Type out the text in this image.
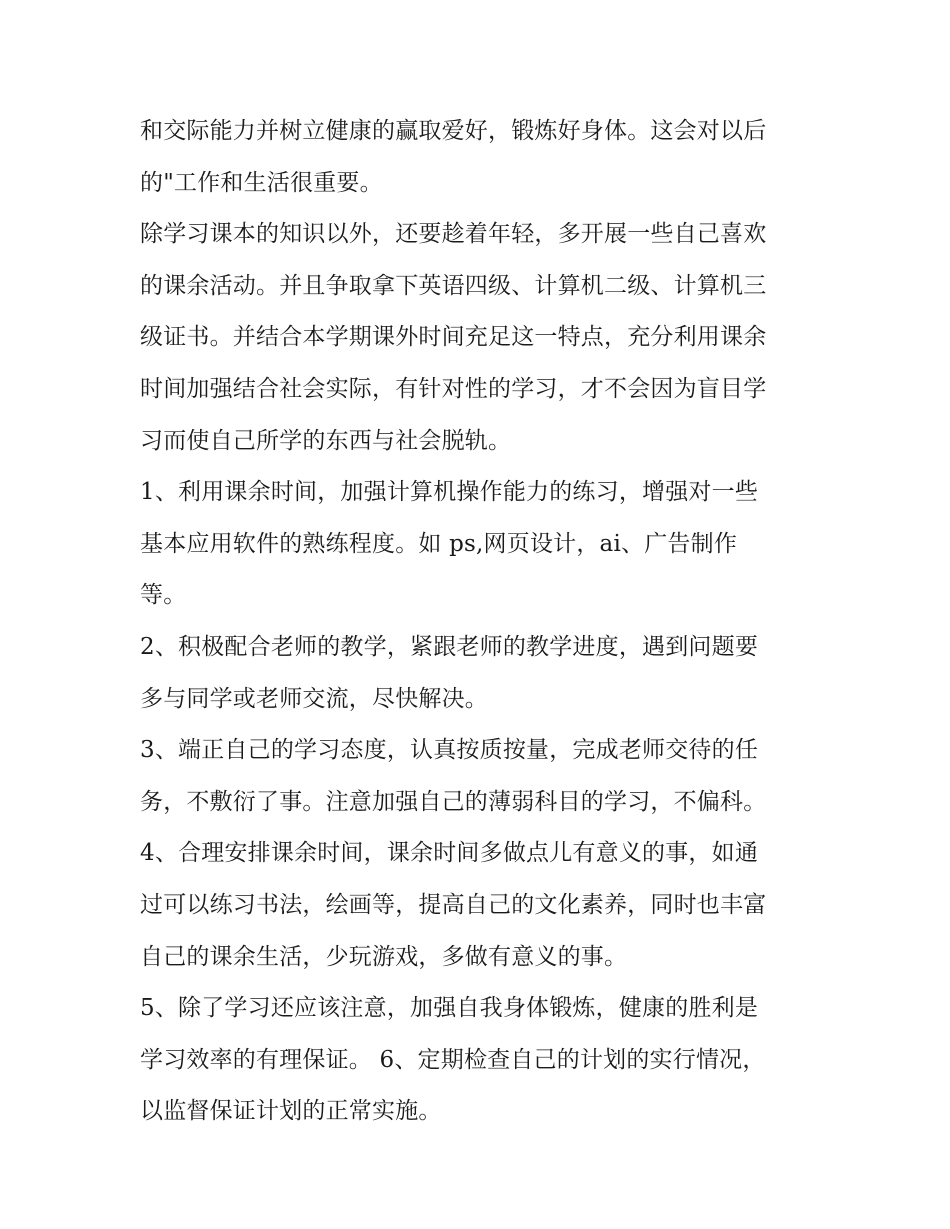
和交际能力并树立健康的赢取爱好，锻炼好身体。这会对以后
的"工作和生活很重要。
除学习课本的知识以外，还要趁着年轻，多开展一些自己喜欢
的课余活动。并且争取拿下英语四级、计算机二级、计算机三
级证书。并结合本学期课外时间充足这一特点，充分利用课余
时间加强结合社会实际，有针对性的学习，才不会因为盲目学
习而使自己所学的东西与社会脱轨。
1、利用课余时间，加强计算机操作能力的练习，增强对一些
基本应用软件的熟练程度。如 ps,网页设计，ai、广告制作
等。
2、积极配合老师的教学，紧跟老师的教学进度，遇到问题要
多与同学或老师交流，尽快解决。
3、端正自己的学习态度，认真按质按量，完成老师交待的任
务，不敷衍了事。注意加强自己的薄弱科目的学习，不偏科。
4、合理安排课余时间，课余时间多做点儿有意义的事，如通
过可以练习书法，绘画等，提高自己的文化素养，同时也丰富
自己的课余生活，少玩游戏，多做有意义的事。
5、除了学习还应该注意，加强自我身体锻炼，健康的胜利是
学习效率的有理保证。 6、定期检查自己的计划的实行情况，
以监督保证计划的正常实施。
